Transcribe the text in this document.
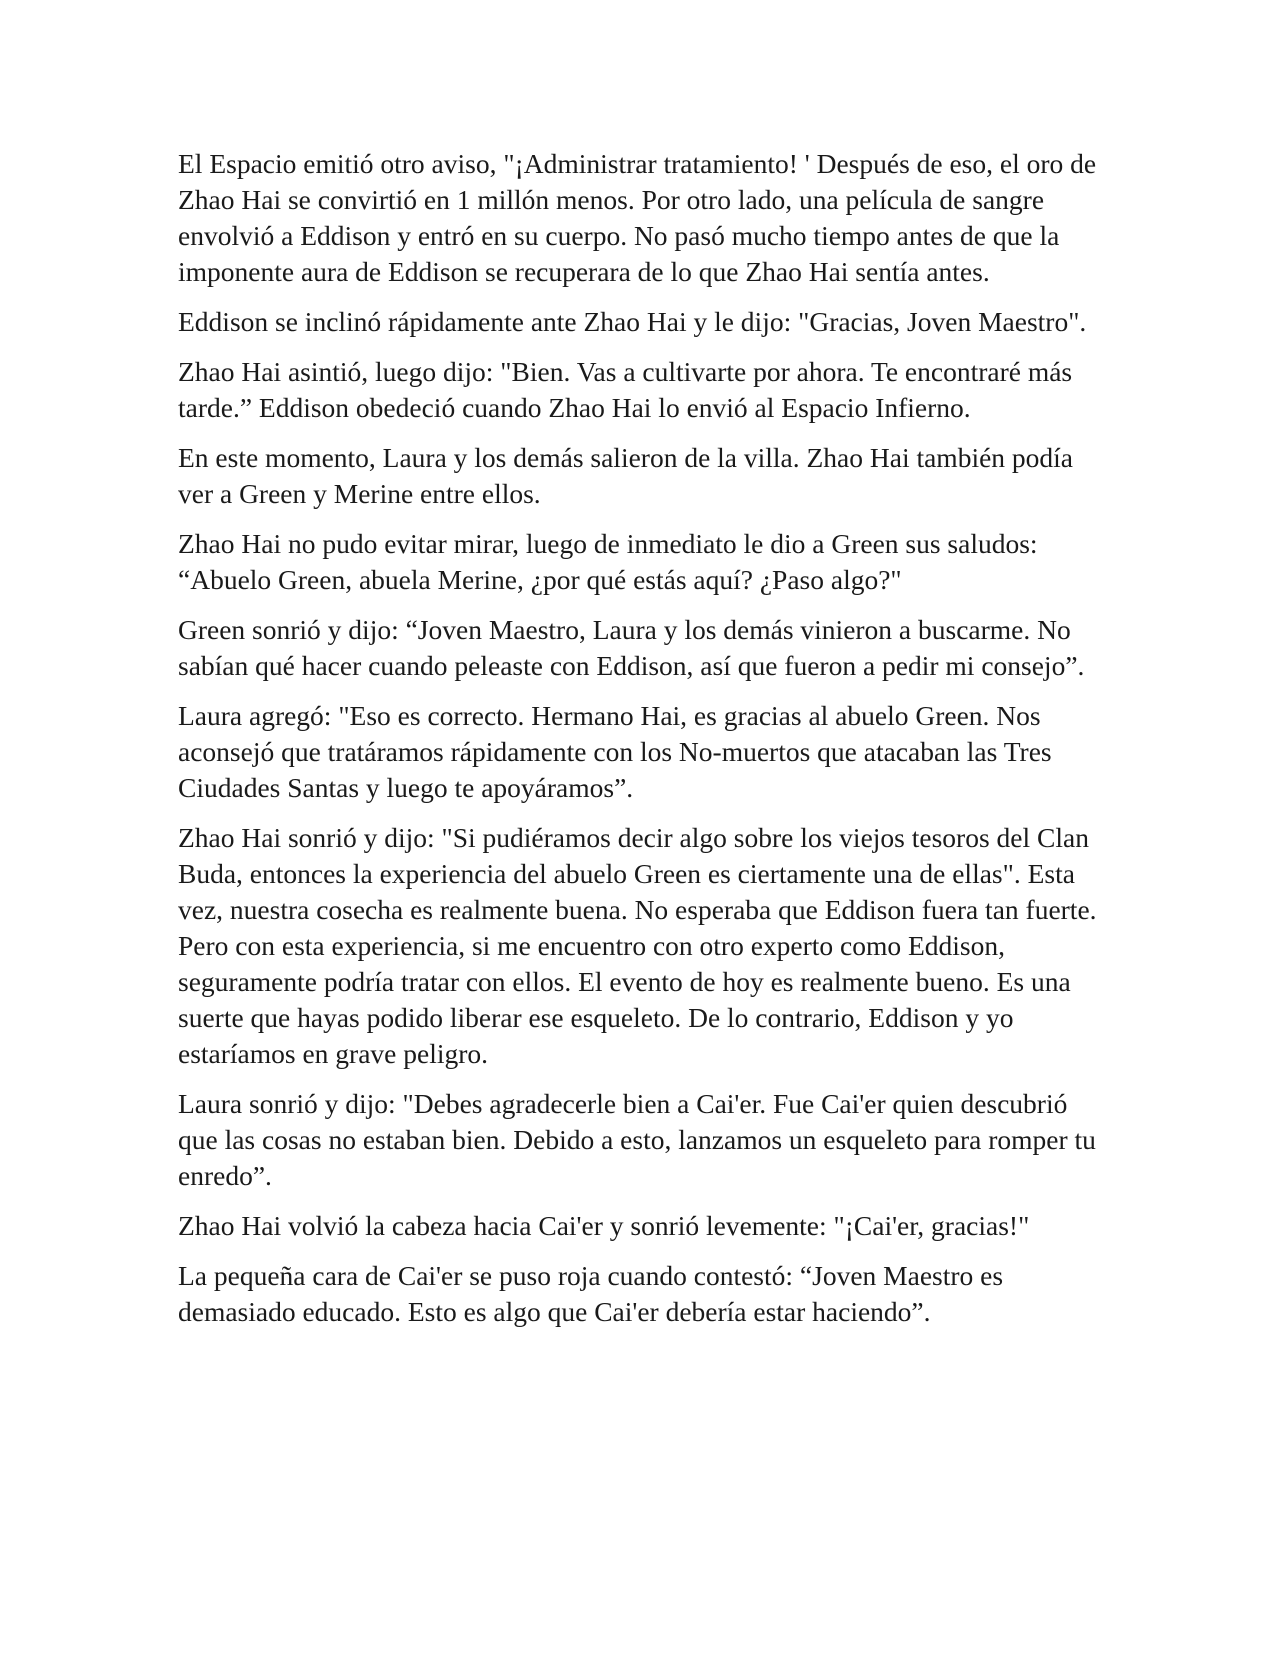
El Espacio emitió otro aviso, "¡Administrar tratamiento! ' Después de eso, el oro de Zhao Hai se convirtió en 1 millón menos. Por otro lado, una película de sangre envolvió a Eddison y entró en su cuerpo. No pasó mucho tiempo antes de que la imponente aura de Eddison se recuperara de lo que Zhao Hai sentía antes.

Eddison se inclinó rápidamente ante Zhao Hai y le dijo: "Gracias, Joven Maestro".

Zhao Hai asintió, luego dijo: "Bien. Vas a cultivarte por ahora. Te encontraré más tarde.” Eddison obedeció cuando Zhao Hai lo envió al Espacio Infierno.

En este momento, Laura y los demás salieron de la villa. Zhao Hai también podía ver a Green y Merine entre ellos.

Zhao Hai no pudo evitar mirar, luego de inmediato le dio a Green sus saludos: “Abuelo Green, abuela Merine, ¿por qué estás aquí? ¿Paso algo?"

Green sonrió y dijo: “Joven Maestro, Laura y los demás vinieron a buscarme. No sabían qué hacer cuando peleaste con Eddison, así que fueron a pedir mi consejo”.

Laura agregó: "Eso es correcto. Hermano Hai, es gracias al abuelo Green. Nos aconsejó que tratáramos rápidamente con los No-muertos que atacaban las Tres Ciudades Santas y luego te apoyáramos”.

Zhao Hai sonrió y dijo: "Si pudiéramos decir algo sobre los viejos tesoros del Clan Buda, entonces la experiencia del abuelo Green es ciertamente una de ellas". Esta vez, nuestra cosecha es realmente buena. No esperaba que Eddison fuera tan fuerte. Pero con esta experiencia, si me encuentro con otro experto como Eddison, seguramente podría tratar con ellos. El evento de hoy es realmente bueno. Es una suerte que hayas podido liberar ese esqueleto. De lo contrario, Eddison y yo estaríamos en grave peligro.

Laura sonrió y dijo: "Debes agradecerle bien a Cai'er. Fue Cai'er quien descubrió que las cosas no estaban bien. Debido a esto, lanzamos un esqueleto para romper tu enredo”.

Zhao Hai volvió la cabeza hacia Cai'er y sonrió levemente: "¡Cai'er, gracias!"

La pequeña cara de Cai'er se puso roja cuando contestó: “Joven Maestro es demasiado educado. Esto es algo que Cai'er debería estar haciendo”.
